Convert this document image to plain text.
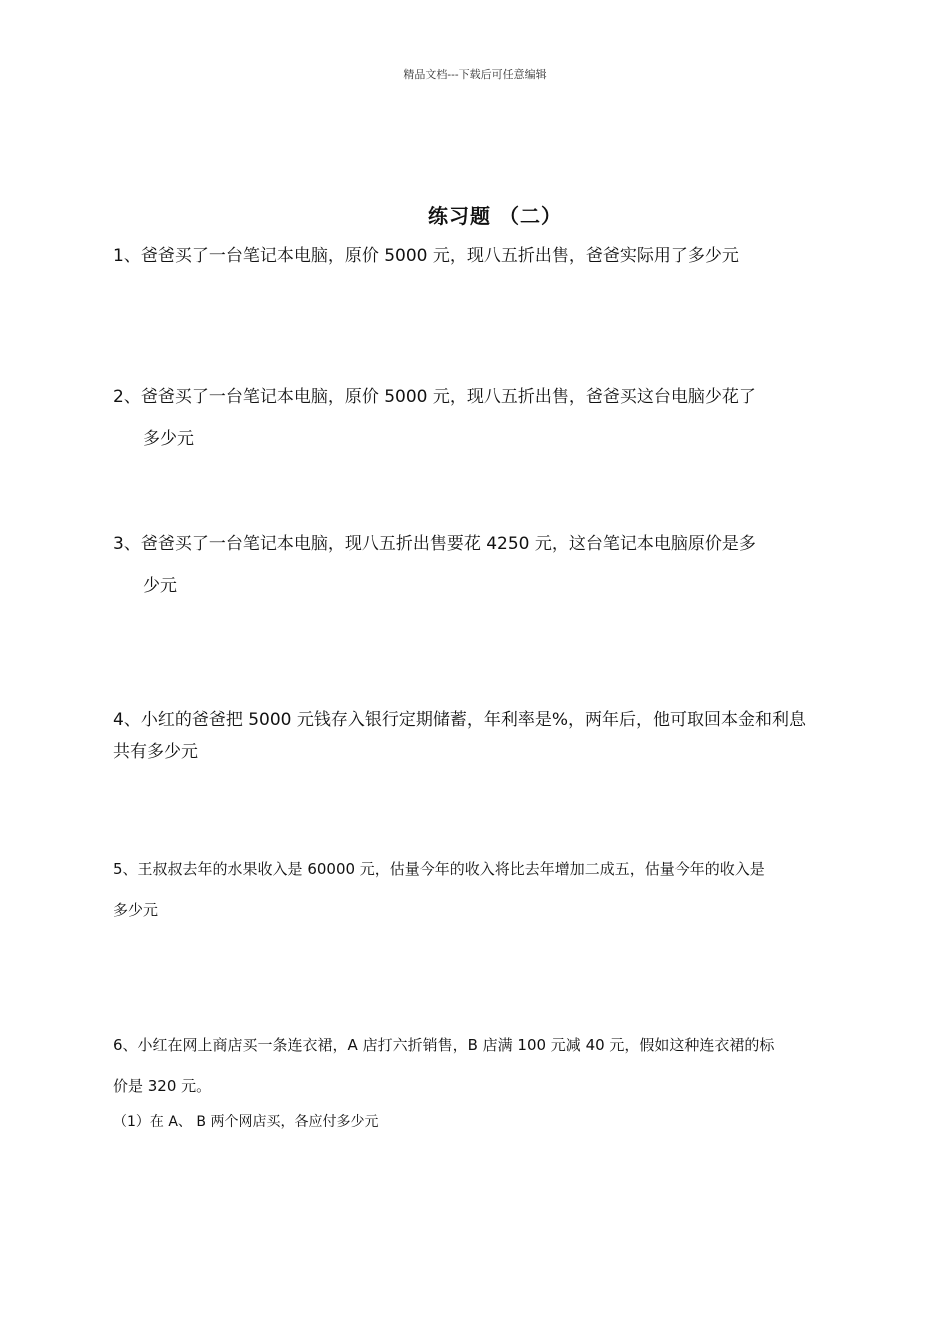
精品文档---下载后可任意编辑
练习题 （二）
1、爸爸买了一台笔记本电脑，原价 5000 元，现八五折出售，爸爸实际用了多少元
2、爸爸买了一台笔记本电脑，原价 5000 元，现八五折出售，爸爸买这台电脑少花了
多少元
3、爸爸买了一台笔记本电脑，现八五折出售要花 4250 元，这台笔记本电脑原价是多
少元
4、小红的爸爸把 5000 元钱存入银行定期储蓄，年利率是%，两年后，他可取回本金和利息
共有多少元
5、王叔叔去年的水果收入是 60000 元，估量今年的收入将比去年增加二成五，估量今年的收入是
多少元
6、小红在网上商店买一条连衣裙，A 店打六折销售，B 店满 100 元减 40 元，假如这种连衣裙的标
价是 320 元。
（1）在 A、 B 两个网店买，各应付多少元
